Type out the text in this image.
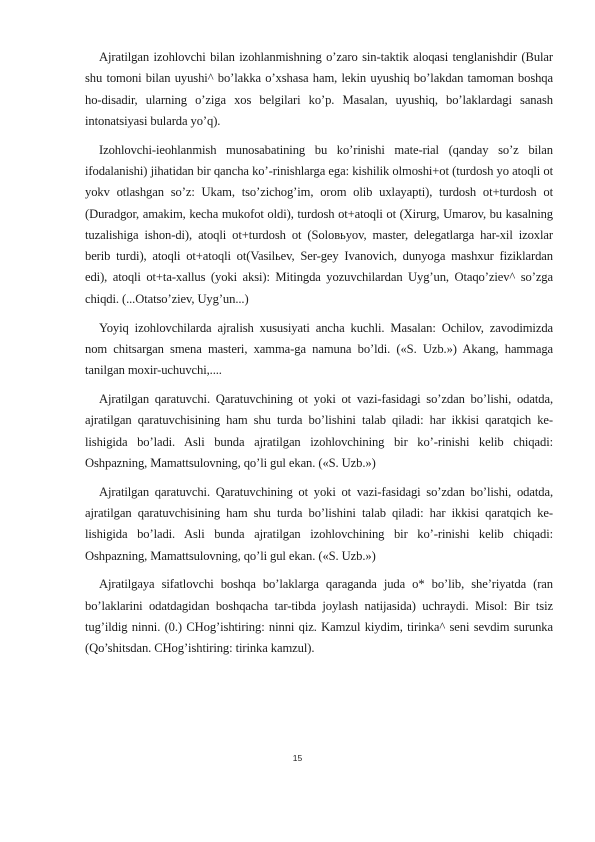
Ajratilgan izohlovchi bilan izohlanmishning o’zaro sin-taktik aloqasi tenglanishdir (Bular shu tomoni bilan uyushi^ bo’lakka o’xshasa ham, lekin uyushiq bo’lakdan tamoman boshqa ho-disadir, ularning o’ziga xos belgilari ko’p. Masalan, uyushiq, bo’laklardagi sanash intonatsiyasi bularda yo’q).

Izohlovchi-ieohlanmish munosabatining bu ko’rinishi mate-rial (qanday so’z bilan ifodalanishi) jihatidan bir qancha ko’-rinishlarga ega: kishilik olmoshi+ot (turdosh yo atoqli ot yokv otlashgan so’z: Ukam, tso’zichog’im, orom olib uxlayapti), turdosh ot+turdosh ot (Duradgor, amakim, kecha mukofot oldi), turdosh ot+atoqli ot (Xirurg, Umarov, bu kasalning tuzalishiga ishon-di), atoqli ot+turdosh ot (Soloвьyov, master, delegatlarga har-xil izoxlar berib turdi), atoqli ot+atoqli ot(Vasilьev, Ser-gey Ivanovich, dunyoga mashxur fiziklardan edi), atoqli ot+ta-xallus (yoki aksi): Mitingda yozuvchilardan Uyg’un, Otaqo’ziev^ so’zga chiqdi. (...Otatso’ziev, Uyg’un...)

Yoyiq izohlovchilarda ajralish xususiyati ancha kuchli. Masalan: Ochilov, zavodimizda nom chitsargan smena masteri, xamma-ga namuna bo’ldi. («S. Uzb.») Akang, hammaga tanilgan moxir-uchuvchi,....

Ajratilgan qaratuvchi. Qaratuvchining ot yoki ot vazi-fasidagi so’zdan bo’lishi, odatda, ajratilgan qaratuvchisining ham shu turda bo’lishini talab qiladi: har ikkisi qaratqich ke-lishigida bo’ladi. Asli bunda ajratilgan izohlovchining bir ko’-rinishi kelib chiqadi: Oshpazning, Mamattsulovning, qo’li gul ekan. («S. Uzb.»)

Ajratilgan qaratuvchi. Qaratuvchining ot yoki ot vazi-fasidagi so’zdan bo’lishi, odatda, ajratilgan qaratuvchisining ham shu turda bo’lishini talab qiladi: har ikkisi qaratqich ke-lishigida bo’ladi. Asli bunda ajratilgan izohlovchining bir ko’-rinishi kelib chiqadi: Oshpazning, Mamattsulovning, qo’li gul ekan. («S. Uzb.»)

Ajratilgaya sifatlovchi boshqa bo’laklarga qaraganda juda o* bo’lib, she’riyatda (ran bo’laklarini odatdagidan boshqacha tar-tibda joylash natijasida) uchraydi. Misol: Bir tsiz tug’ildig ninni. (0.) CHog’ishtiring: ninni qiz. Kamzul kiydim, tirinka^ seni sevdim surunka (Qo’shitsdan. CHog’ishtiring: tirinka kamzul).

15
